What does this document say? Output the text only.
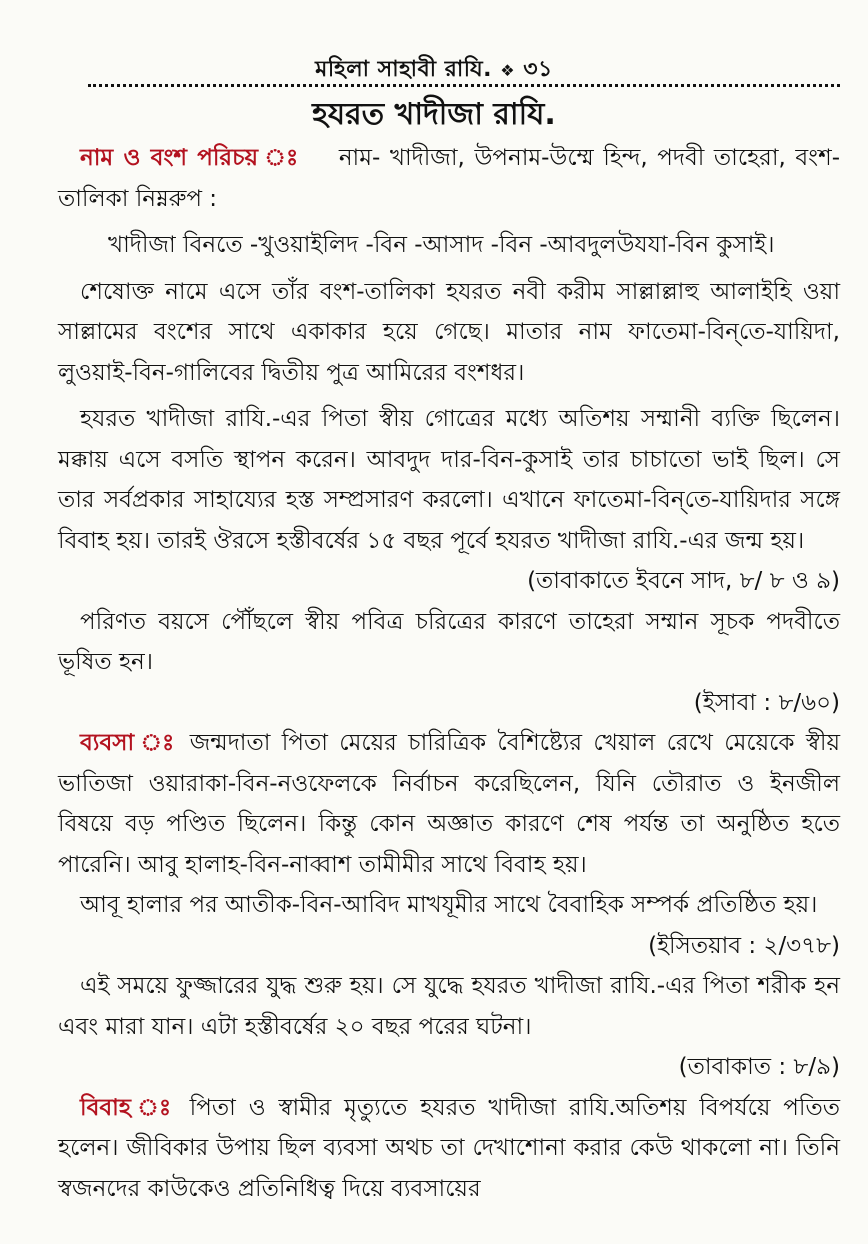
মহিলা সাহাবী রাযি. ❖ ৩১
হযরত খাদীজা রাযি.

নাম ও বংশ পরিচয় ঃ নাম- খাদীজা, উপনাম-উম্মে হিন্দ, পদবী তাহেরা, বংশ-তালিকা নিম্নরুপ :

খাদীজা বিনতে -খুওয়াইলিদ -বিন -আসাদ -বিন -আবদুলউযযা-বিন কুসাই।

শেষোক্ত নামে এসে তাঁর বংশ-তালিকা হযরত নবী করীম সাল্লাল্লাহু আলাইহি ওয়া সাল্লামের বংশের সাথে একাকার হয়ে গেছে। মাতার নাম ফাতেমা-বিন্‌তে-যায়িদা, লুওয়াই-বিন-গালিবের দ্বিতীয় পুত্র আমিরের বংশধর।

হযরত খাদীজা রাযি.-এর পিতা স্বীয় গোত্রের মধ্যে অতিশয় সম্মানী ব্যক্তি ছিলেন। মক্কায় এসে বসতি স্থাপন করেন। আবদুদ দার-বিন-কুসাই তার চাচাতো ভাই ছিল। সে তার সর্বপ্রকার সাহায্যের হস্ত সম্প্রসারণ করলো। এখানে ফাতেমা-বিন্‌তে-যায়িদার সঙ্গে বিবাহ হয়। তারই ঔরসে হস্তীবর্ষের ১৫ বছর পূর্বে হযরত খাদীজা রাযি.-এর জন্ম হয়।

(তাবাকাতে ইবনে সাদ, ৮/ ৮ ও ৯)

পরিণত বয়সে পৌঁছলে স্বীয় পবিত্র চরিত্রের কারণে তাহেরা সম্মান সূচক পদবীতে ভূষিত হন।

(ইসাবা : ৮/৬০)

ব্যবসা ঃ জন্মদাতা পিতা মেয়ের চারিত্রিক বৈশিষ্ট্যের খেয়াল রেখে মেয়েকে স্বীয় ভাতিজা ওয়ারাকা-বিন-নওফেলকে নির্বাচন করেছিলেন, যিনি তৌরাত ও ইনজীল বিষয়ে বড় পণ্ডিত ছিলেন। কিন্তু কোন অজ্ঞাত কারণে শেষ পর্যন্ত তা অনুষ্ঠিত হতে পারেনি। আবু হালাহ-বিন-নাব্বাশ তামীমীর সাথে বিবাহ হয়।

আবূ হালার পর আতীক-বিন-আবিদ মাখযূমীর সাথে বৈবাহিক সম্পর্ক প্রতিষ্ঠিত হয়।

(ইসিতয়াব : ২/৩৭৮)

এই সময়ে ফুজ্জারের যুদ্ধ শুরু হয়। সে যুদ্ধে হযরত খাদীজা রাযি.-এর পিতা শরীক হন এবং মারা যান। এটা হস্তীবর্ষের ২০ বছর পরের ঘটনা।

(তাবাকাত : ৮/৯)

বিবাহ ঃ পিতা ও স্বামীর মৃত্যুতে হযরত খাদীজা রাযি.অতিশয় বিপর্যয়ে পতিত হলেন। জীবিকার উপায় ছিল ব্যবসা অথচ তা দেখাশোনা করার কেউ থাকলো না। তিনি স্বজনদের কাউকেও প্রতিনিধিত্ব দিয়ে ব্যবসায়ের
